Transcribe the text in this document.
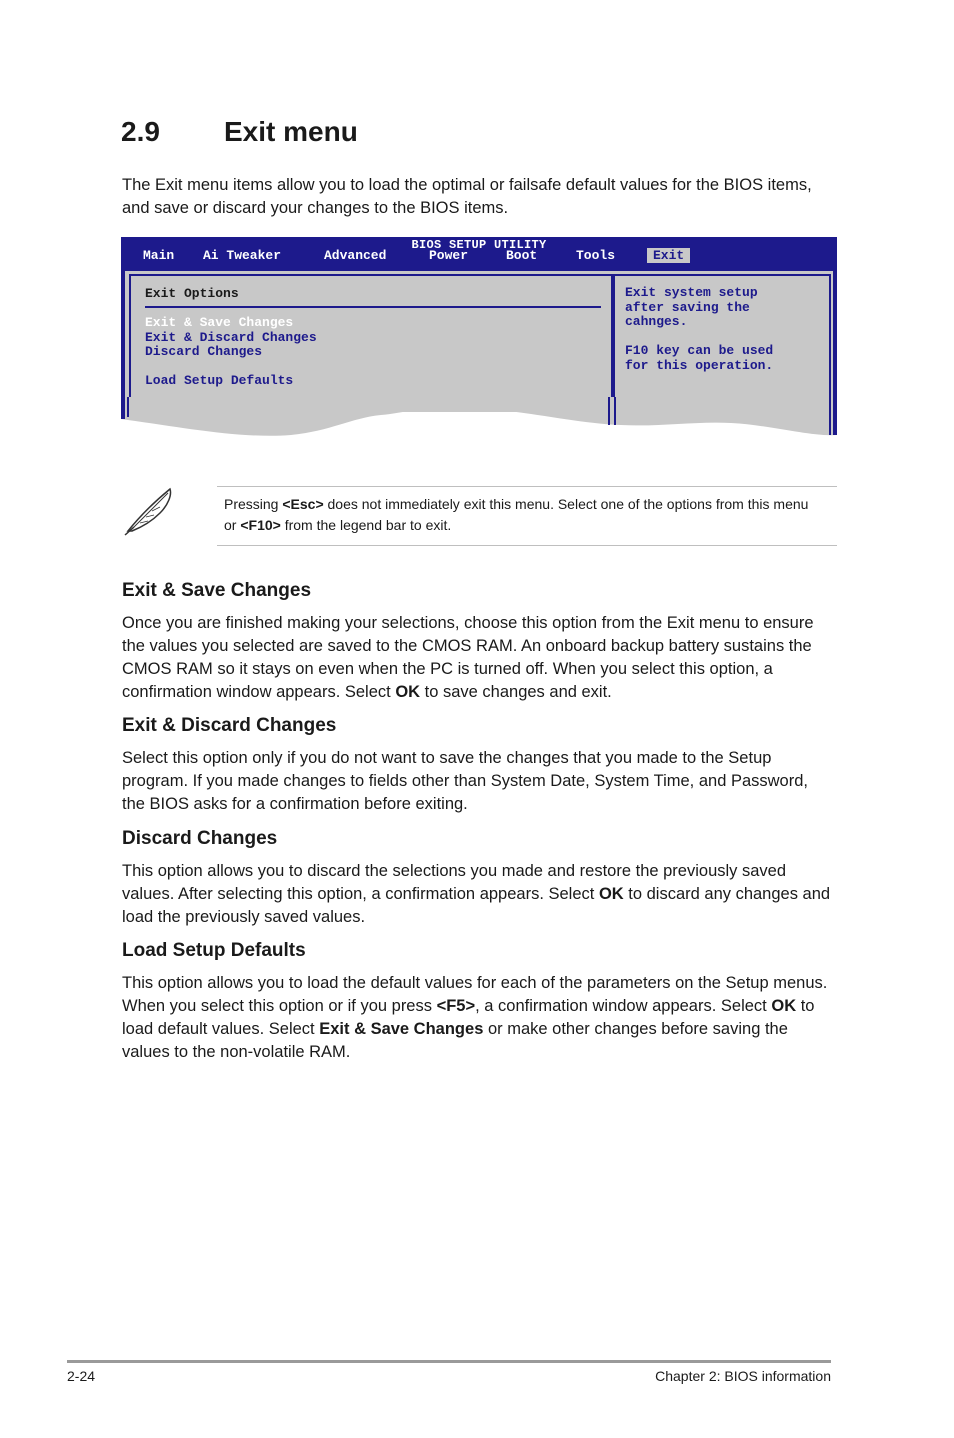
2.9 Exit menu
The Exit menu items allow you to load the optimal or failsafe default values for the BIOS items, and save or discard your changes to the BIOS items.
BIOS SETUP UTILITY
Main Ai Tweaker	Advanced	Power	Boot	Tools	Exit
Exit Options
Exit & Save Changes
Exit & Discard Changes
Discard Changes
Load Setup Defaults

Exit system setup
after saving the
cahnges.

F10 key can be used
for this operation.

Pressing <Esc> does not immediately exit this menu. Select one of the options from this menu or <F10> from the legend bar to exit.
Exit & Save Changes
Once you are finished making your selections, choose this option from the Exit menu to ensure the values you selected are saved to the CMOS RAM. An onboard backup battery sustains the CMOS RAM so it stays on even when the PC is turned off. When you select this option, a confirmation window appears. Select OK to save changes and exit.
Exit & Discard Changes
Select this option only if you do not want to save the changes that you made to the Setup program. If you made changes to fields other than System Date, System Time, and Password, the BIOS asks for a confirmation before exiting.
Discard Changes
This option allows you to discard the selections you made and restore the previously saved values. After selecting this option, a confirmation appears. Select OK to discard any changes and load the previously saved values.
Load Setup Defaults
This option allows you to load the default values for each of the parameters on the Setup menus. When you select this option or if you press <F5>, a confirmation window appears. Select OK to load default values. Select Exit & Save Changes or make other changes before saving the values to the non-volatile RAM.
2-24	Chapter 2: BIOS information
